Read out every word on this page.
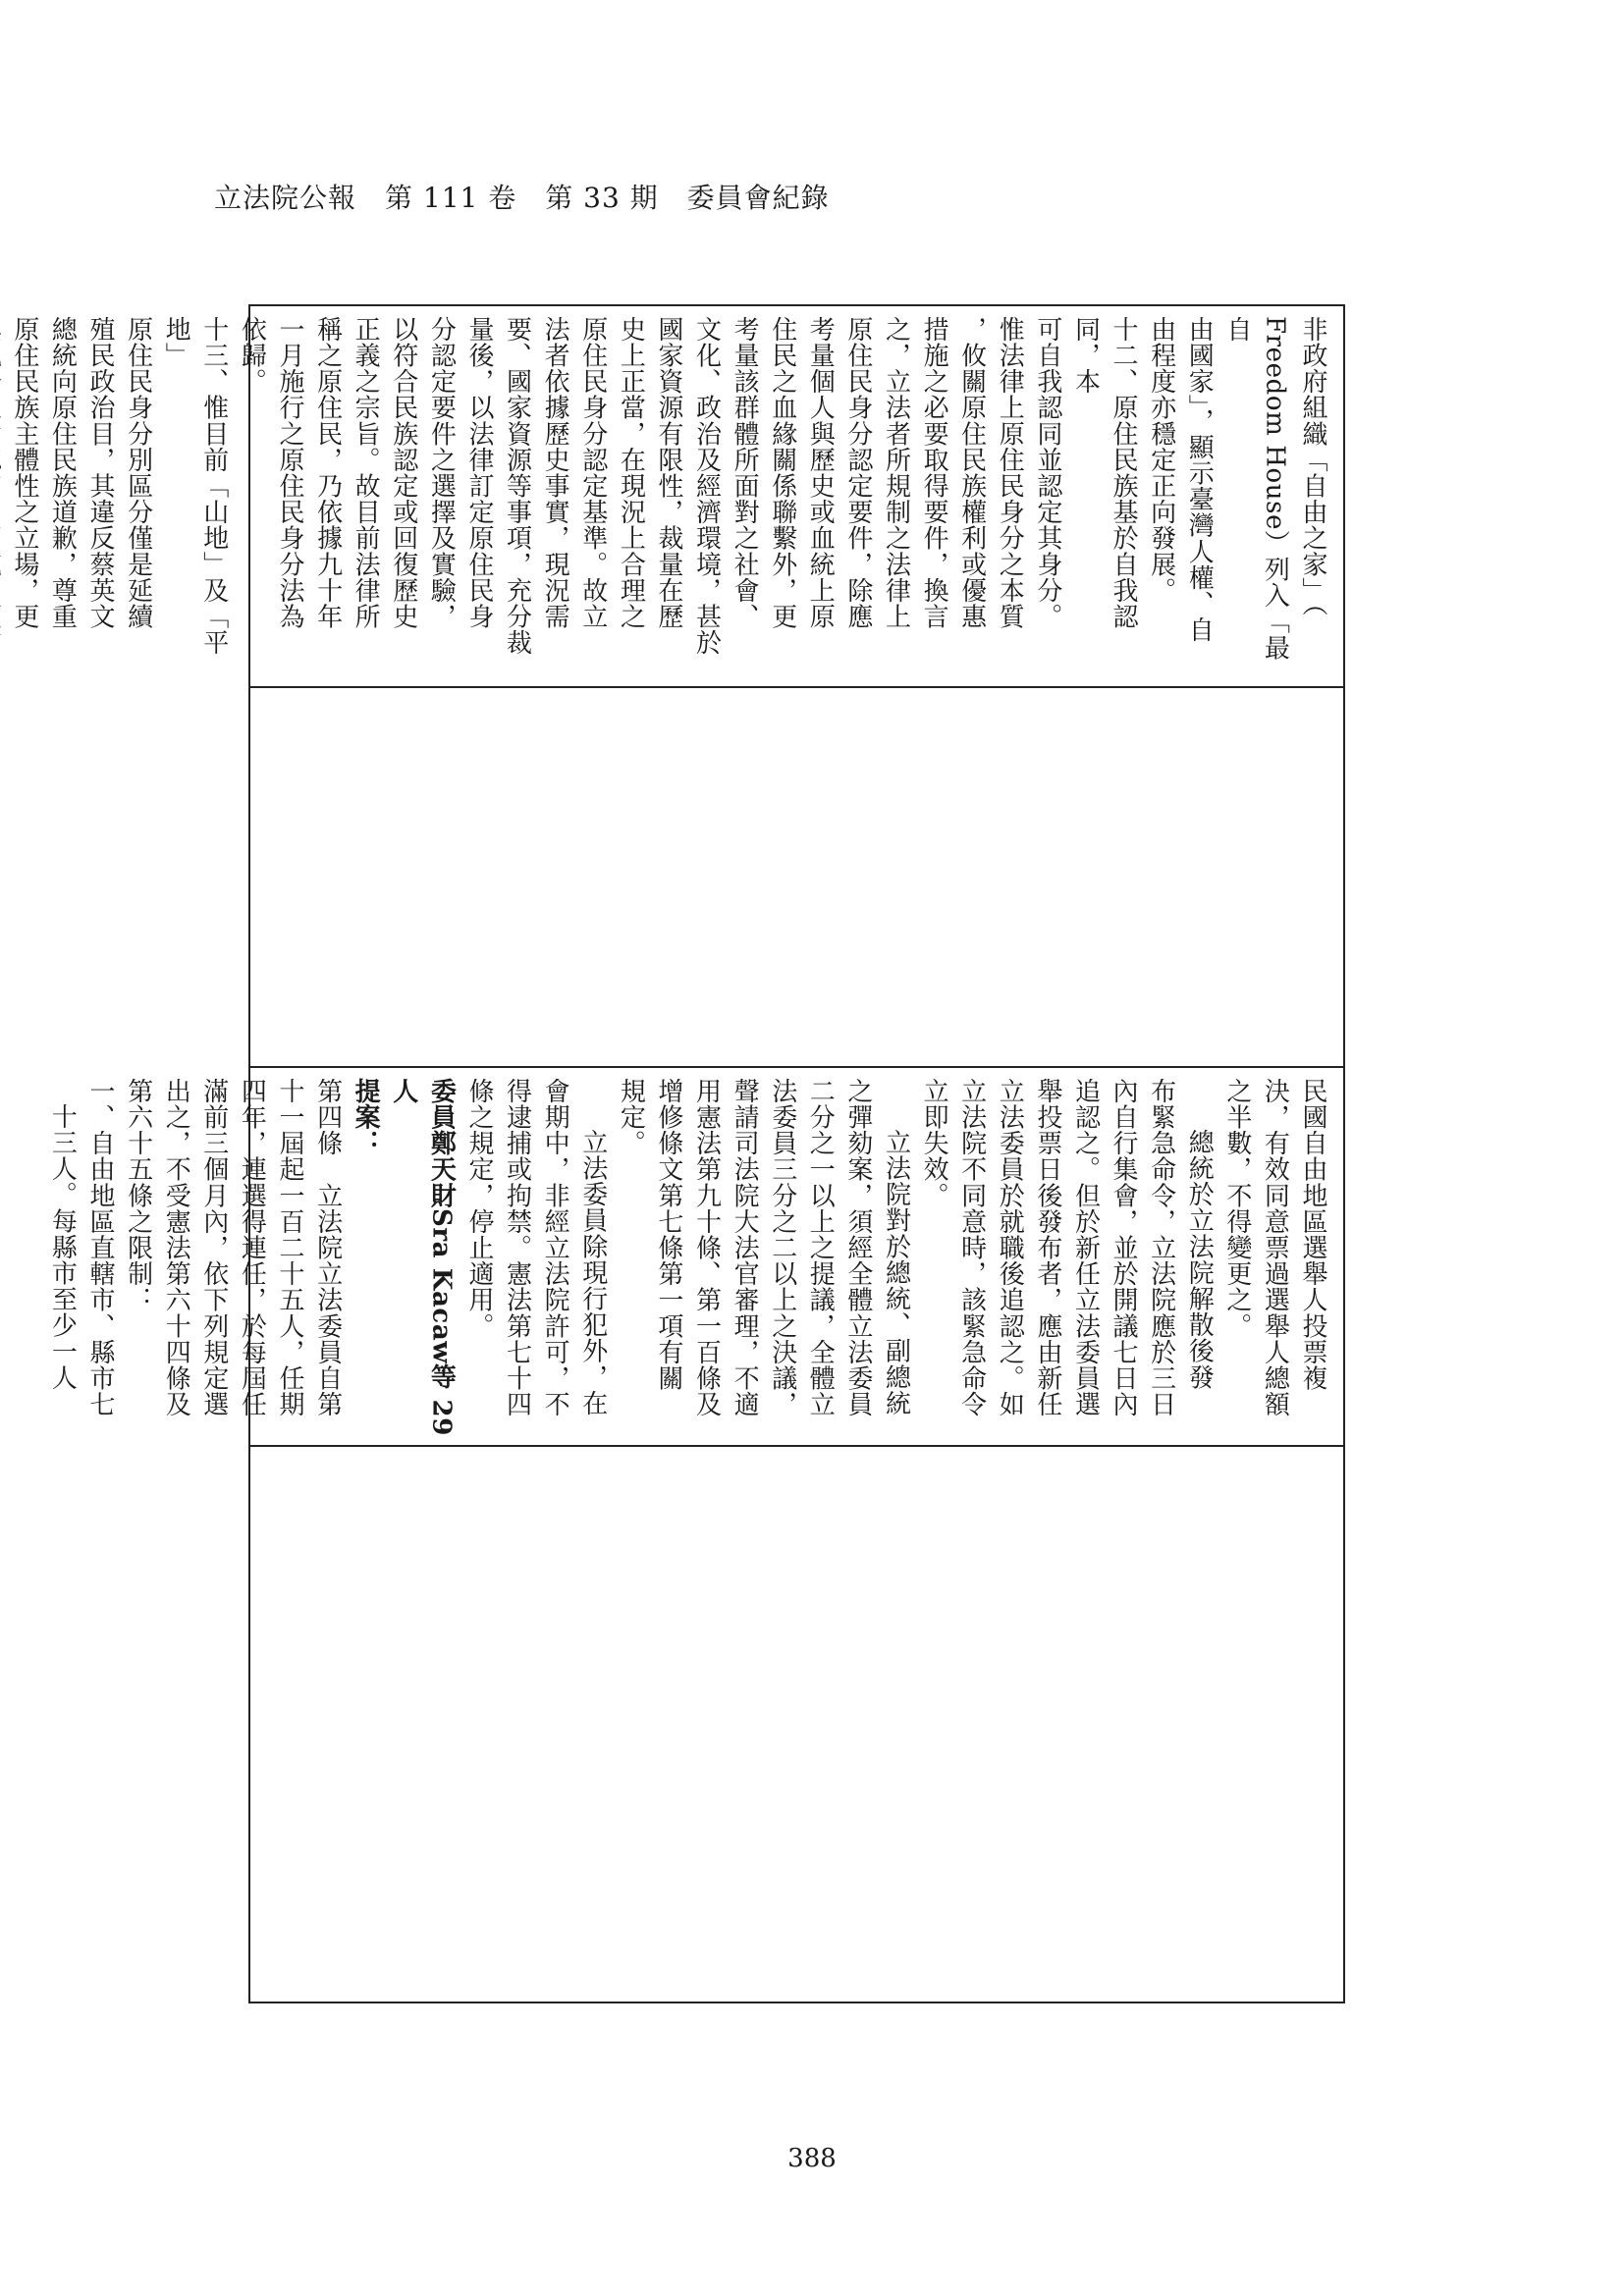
立法院公報　第 111 卷　第 33 期　委員會紀錄
非政府組織「自由之家」（
Freedom House）列入「最自
由國家」，顯示臺灣人權、自
由程度亦穩定正向發展。
十二、原住民族基於自我認同，本
可自我認同並認定其身分。
惟法律上原住民身分之本質
，攸關原住民族權利或優惠
措施之必要取得要件，換言
之，立法者所規制之法律上
原住民身分認定要件，除應
考量個人與歷史或血統上原
住民之血緣關係聯繫外，更
考量該群體所面對之社會、
文化、政治及經濟環境，甚於
國家資源有限性，裁量在歷
史上正當，在現況上合理之
原住民身分認定基準。故立
法者依據歷史事實，現況需
要、國家資源等事項，充分裁
量後，以法律訂定原住民身
分認定要件之選擇及實驗，
以符合民族認定或回復歷史
正義之宗旨。故目前法律所
稱之原住民，乃依據九十年
一月施行之原住民身分法為
依歸。
十三、惟目前「山地」及「平地」
原住民身分別區分僅是延續
殖民政治目，其違反蔡英文
總統向原住民族道歉，尊重
原住民族主體性之立場，更
民國自由地區選舉人投票複
決，有效同意票過選舉人總額
之半數，不得變更之。
總統於立法院解散後發
布緊急命令，立法院應於三日
內自行集會，並於開議七日內
追認之。但於新任立法委員選
舉投票日後發布者，應由新任
立法委員於就職後追認之。如
立法院不同意時，該緊急命令
立即失效。
立法院對於總統、副總統
之彈劾案，須經全體立法委員
二分之一以上之提議，全體立
法委員三分之二以上之決議，
聲請司法院大法官審理，不適
用憲法第九十條、第一百條及
增修條文第七條第一項有關
規定。
立法委員除現行犯外，在
會期中，非經立法院許可，不
得逮捕或拘禁。憲法第七十四
條之規定，停止適用。
委員鄭天財Sra Kacaw等 29 人
提案：
第四條　立法院立法委員自第
十一屆起一百二十五人，任期
四年，連選得連任，於每屆任
滿前三個月內，依下列規定選
出之，不受憲法第六十四條及
第六十五條之限制：
一、自由地區直轄市、縣市七
十三人。每縣市至少一人
388
